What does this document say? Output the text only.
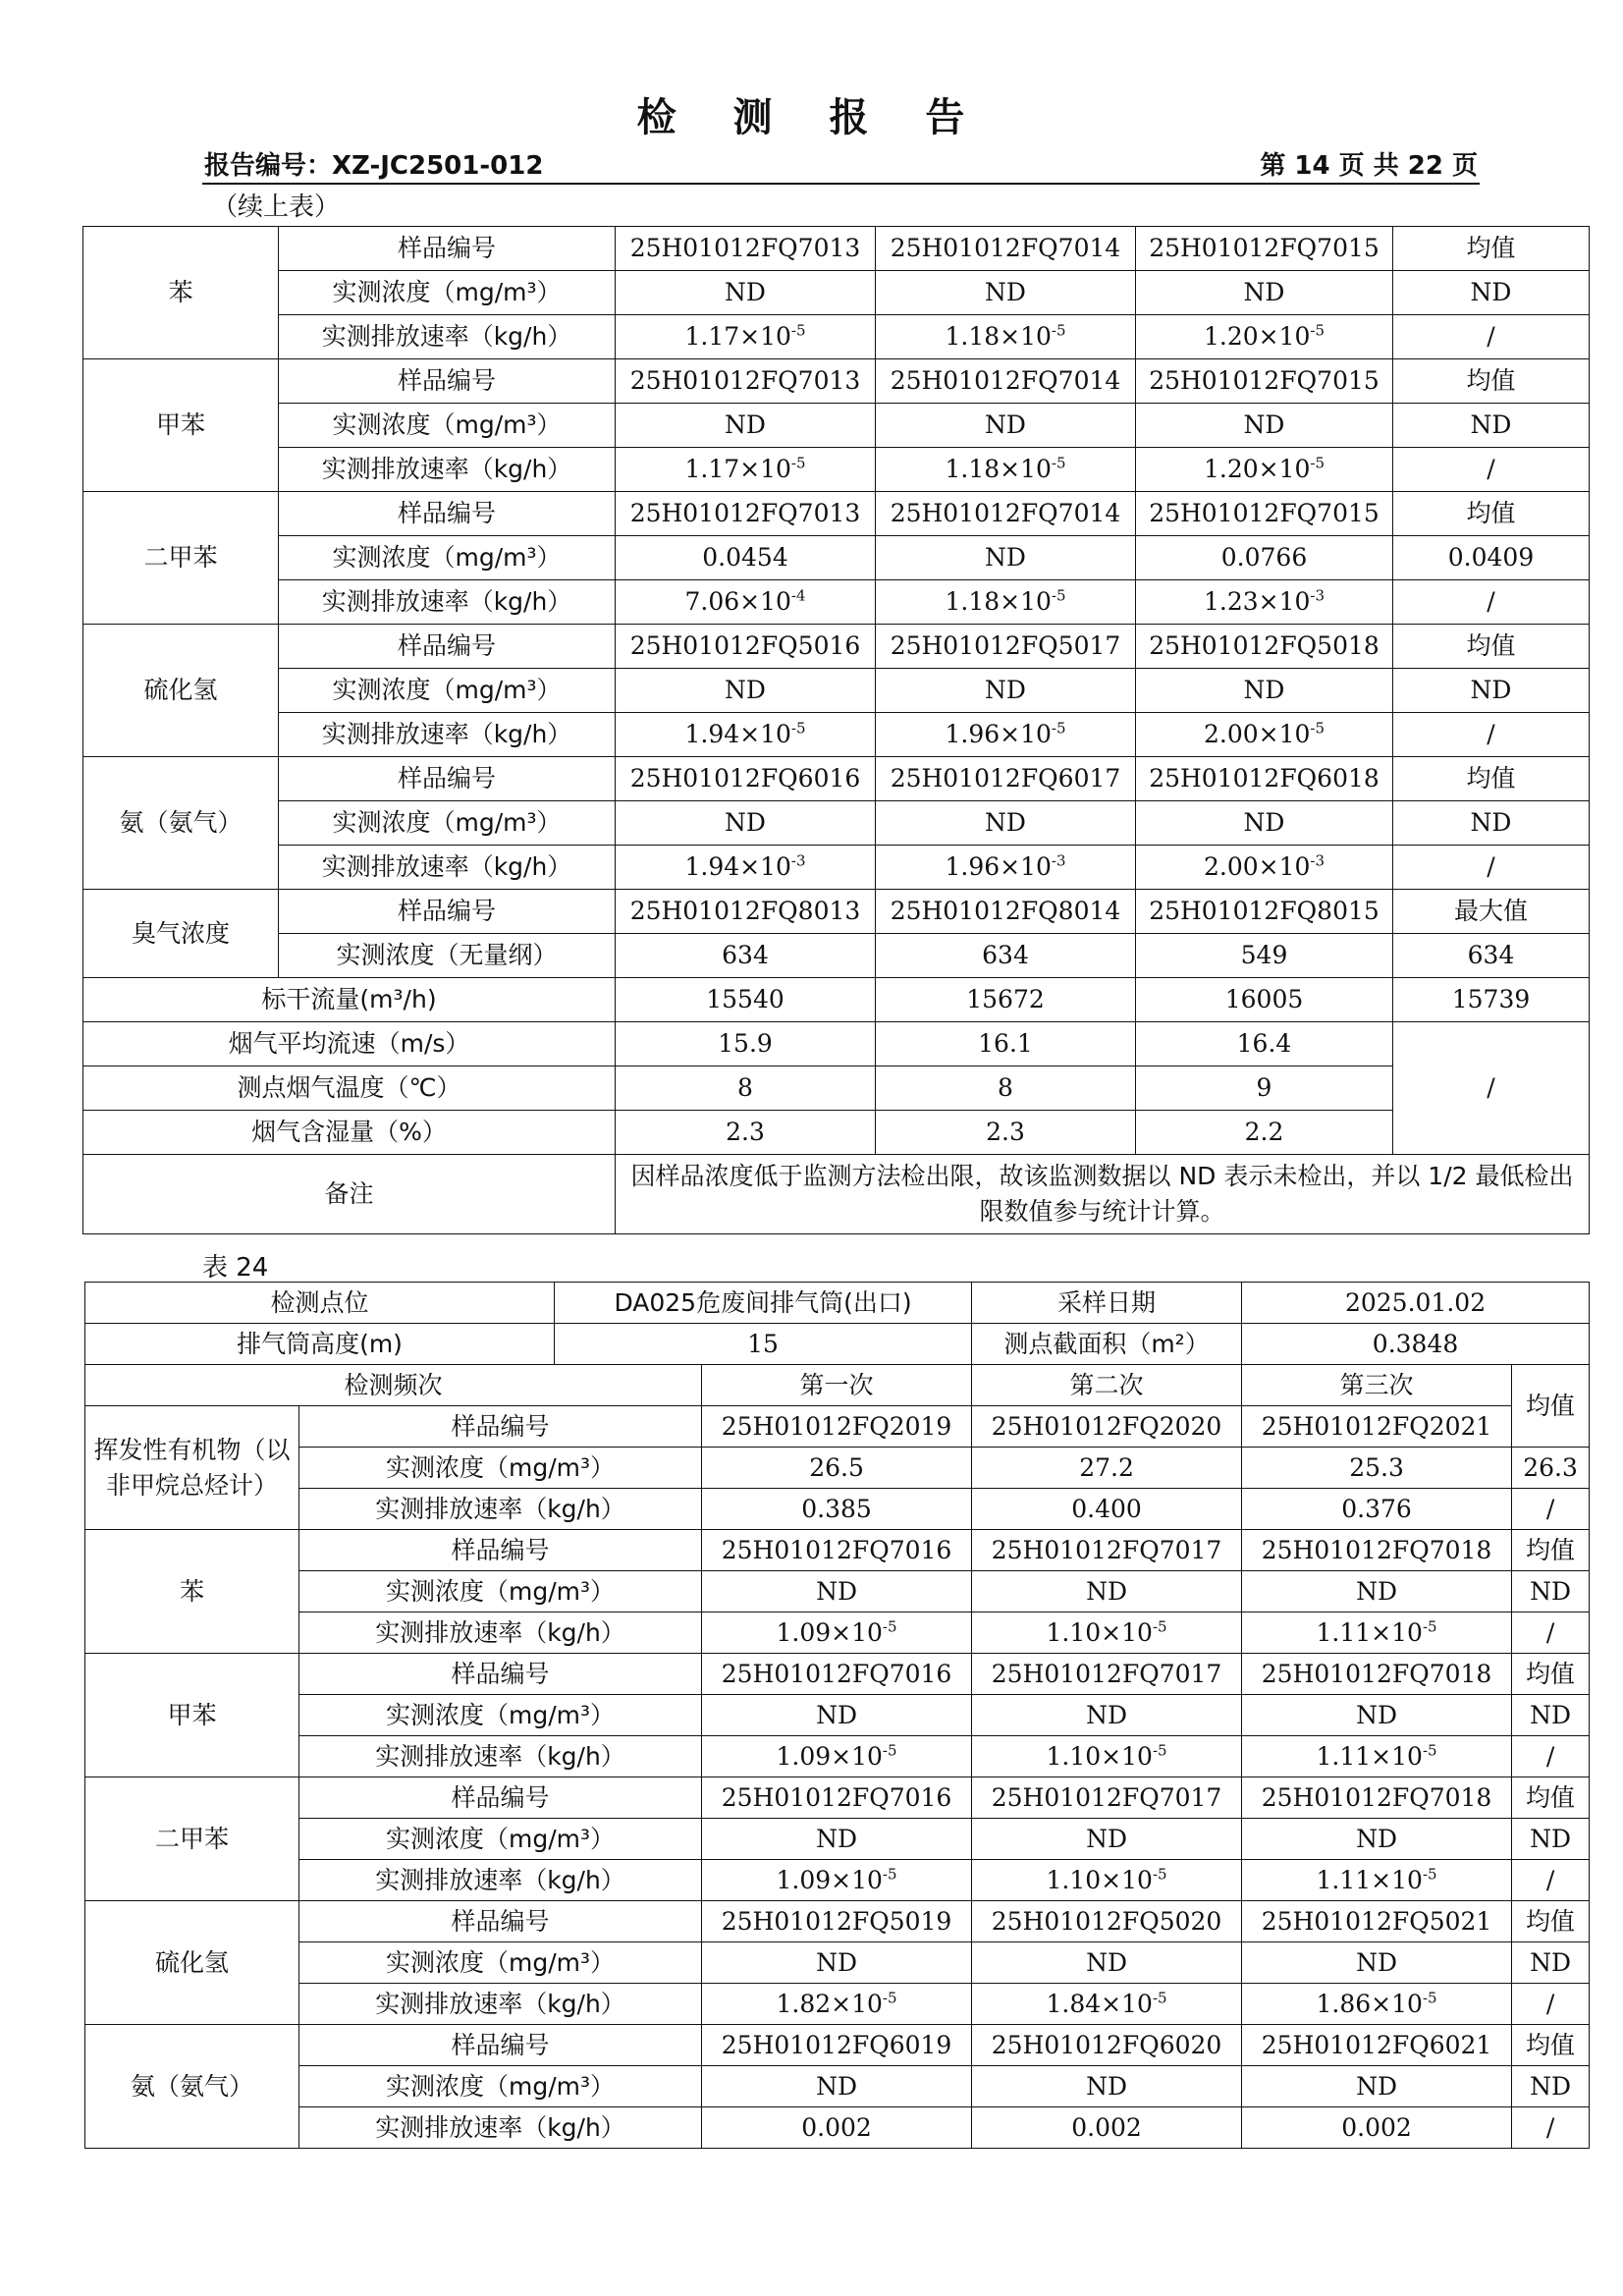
检 测 报 告
报告编号：XZ-JC2501-012	第 14 页 共 22 页
（续上表）
苯	样品编号	25H01012FQ7013	25H01012FQ7014	25H01012FQ7015	均值
	实测浓度（mg/m³）	ND	ND	ND	ND
	实测排放速率（kg/h）	$1.17\times 10^{-5}$	$1.18\times 10^{-5}$	$1.20\times 10^{-5}$	/
甲苯	样品编号	25H01012FQ7013	25H01012FQ7014	25H01012FQ7015	均值
	实测浓度（mg/m³）	ND	ND	ND	ND
	实测排放速率（kg/h）	$1.17\times 10^{-5}$	$1.18\times 10^{-5}$	$1.20\times 10^{-5}$	/
二甲苯	样品编号	25H01012FQ7013	25H01012FQ7014	25H01012FQ7015	均值
	实测浓度（mg/m³）	0.0454	ND	0.0766	0.0409
	实测排放速率（kg/h）	$7.06\times 10^{-4}$	$1.18\times 10^{-5}$	$1.23\times 10^{-3}$	/
硫化氢	样品编号	25H01012FQ5016	25H01012FQ5017	25H01012FQ5018	均值
	实测浓度（mg/m³）	ND	ND	ND	ND
	实测排放速率（kg/h）	$1.94\times 10^{-5}$	$1.96\times 10^{-5}$	$2.00\times 10^{-5}$	/
氨（氨气）	样品编号	25H01012FQ6016	25H01012FQ6017	25H01012FQ6018	均值
	实测浓度（mg/m³）	ND	ND	ND	ND
	实测排放速率（kg/h）	$1.94\times 10^{-3}$	$1.96\times 10^{-3}$	$2.00\times 10^{-3}$	/
臭气浓度	样品编号	25H01012FQ8013	25H01012FQ8014	25H01012FQ8015	最大值
	实测浓度（无量纲）	634	634	549	634
标干流量(m³/h)		15540	15672	16005	15739
烟气平均流速（m/s）		15.9	16.1	16.4	/
测点烟气温度（℃）		8	8	9	
烟气含湿量（%）		2.3	2.3	2.2	
备注		因样品浓度低于监测方法检出限，故该监测数据以 ND 表示未检出，并以 1/2 最低检出限数值参与统计计算。			
表 24
检测点位		DA025危废间排气筒(出口)		采样日期	2025.01.02	
排气筒高度(m)		15		测点截面积（m²）	0.3848	
检测频次			第一次	第二次	第三次	均值
挥发性有机物（以非甲烷总烃计）	样品编号		25H01012FQ2019	25H01012FQ2020	25H01012FQ2021	
	实测浓度（mg/m³）		26.5	27.2	25.3	26.3
	实测排放速率（kg/h）		0.385	0.400	0.376	/
苯	样品编号		25H01012FQ7016	25H01012FQ7017	25H01012FQ7018	均值
	实测浓度（mg/m³）		ND	ND	ND	ND
	实测排放速率（kg/h）		$1.09\times 10^{-5}$	$1.10\times 10^{-5}$	$1.11\times 10^{-5}$	/
甲苯	样品编号		25H01012FQ7016	25H01012FQ7017	25H01012FQ7018	均值
	实测浓度（mg/m³）		ND	ND	ND	ND
	实测排放速率（kg/h）		$1.09\times 10^{-5}$	$1.10\times 10^{-5}$	$1.11\times 10^{-5}$	/
二甲苯	样品编号		25H01012FQ7016	25H01012FQ7017	25H01012FQ7018	均值
	实测浓度（mg/m³）		ND	ND	ND	ND
	实测排放速率（kg/h）		$1.09\times 10^{-5}$	$1.10\times 10^{-5}$	$1.11\times 10^{-5}$	/
硫化氢	样品编号		25H01012FQ5019	25H01012FQ5020	25H01012FQ5021	均值
	实测浓度（mg/m³）		ND	ND	ND	ND
	实测排放速率（kg/h）		$1.82\times 10^{-5}$	$1.84\times 10^{-5}$	$1.86\times 10^{-5}$	/
氨（氨气）	样品编号		25H01012FQ6019	25H01012FQ6020	25H01012FQ6021	均值
	实测浓度（mg/m³）		ND	ND	ND	ND
	实测排放速率（kg/h）		0.002	0.002	0.002	/
